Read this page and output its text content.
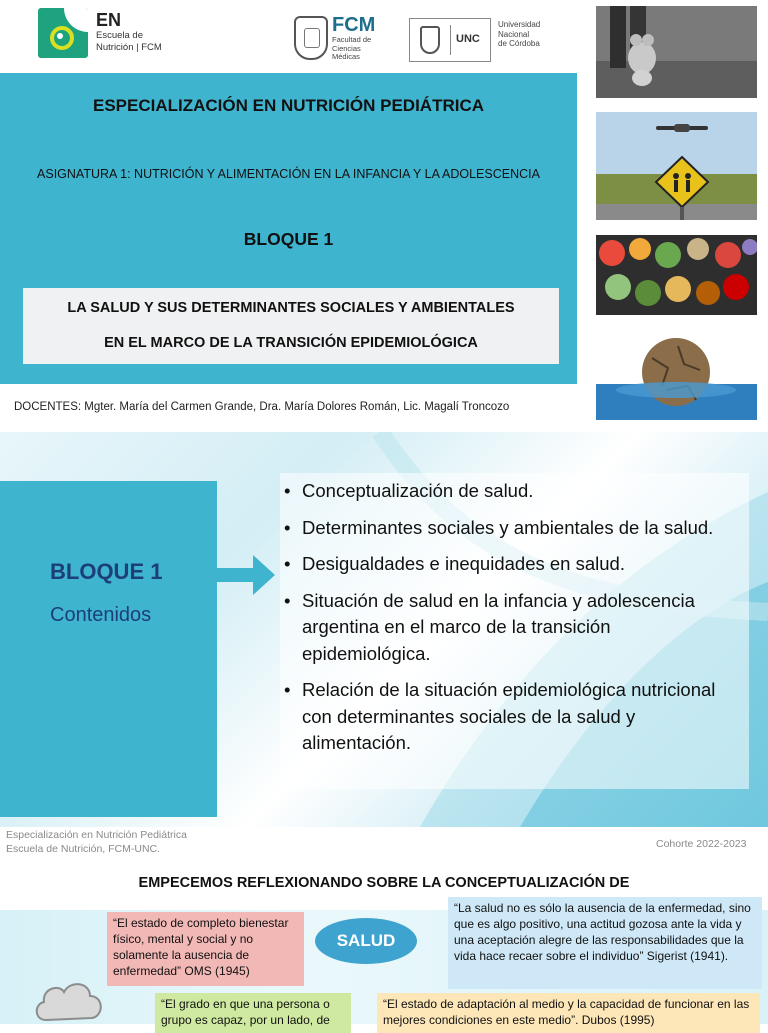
EN
Escuela de
Nutrición | FCM
FCM
Facultad de
Ciencias
Médicas
UNC
Universidad
Nacional
de Córdoba
ESPECIALIZACIÓN EN NUTRICIÓN PEDIÁTRICA
ASIGNATURA 1: NUTRICIÓN Y ALIMENTACIÓN EN LA INFANCIA Y LA ADOLESCENCIA
BLOQUE 1
LA SALUD Y SUS DETERMINANTES SOCIALES Y AMBIENTALES
EN EL MARCO DE LA TRANSICIÓN EPIDEMIOLÓGICA
DOCENTES: Mgter. María del Carmen Grande, Dra. María Dolores Román, Lic. Magalí Troncozo
BLOQUE 1
Contenidos
• Conceptualización de salud.
• Determinantes sociales y ambientales de la salud.
• Desigualdades e inequidades en salud.
• Situación de salud en la infancia y adolescencia argentina en el marco de la transición epidemiológica.
• Relación de la situación epidemiológica nutricional con determinantes sociales de la salud y alimentación.
Especialización en Nutrición Pediátrica
Escuela de Nutrición, FCM-UNC.	Cohorte 2022-2023
EMPECEMOS REFLEXIONANDO SOBRE LA CONCEPTUALIZACIÓN DE
“El estado de completo bienestar físico, mental y social y no solamente la ausencia de enfermedad” OMS (1945)
SALUD
“La salud no es sólo la ausencia de la enfermedad, sino que es algo positivo, una actitud gozosa ante la vida y una aceptación alegre de las responsabilidades que la vida hace recaer sobre el individuo” Sigerist (1941).
“El grado en que una persona o grupo es capaz, por un lado, de
“El estado de adaptación al medio y la capacidad de funcionar en las mejores condiciones en este medio”. Dubos (1995)
